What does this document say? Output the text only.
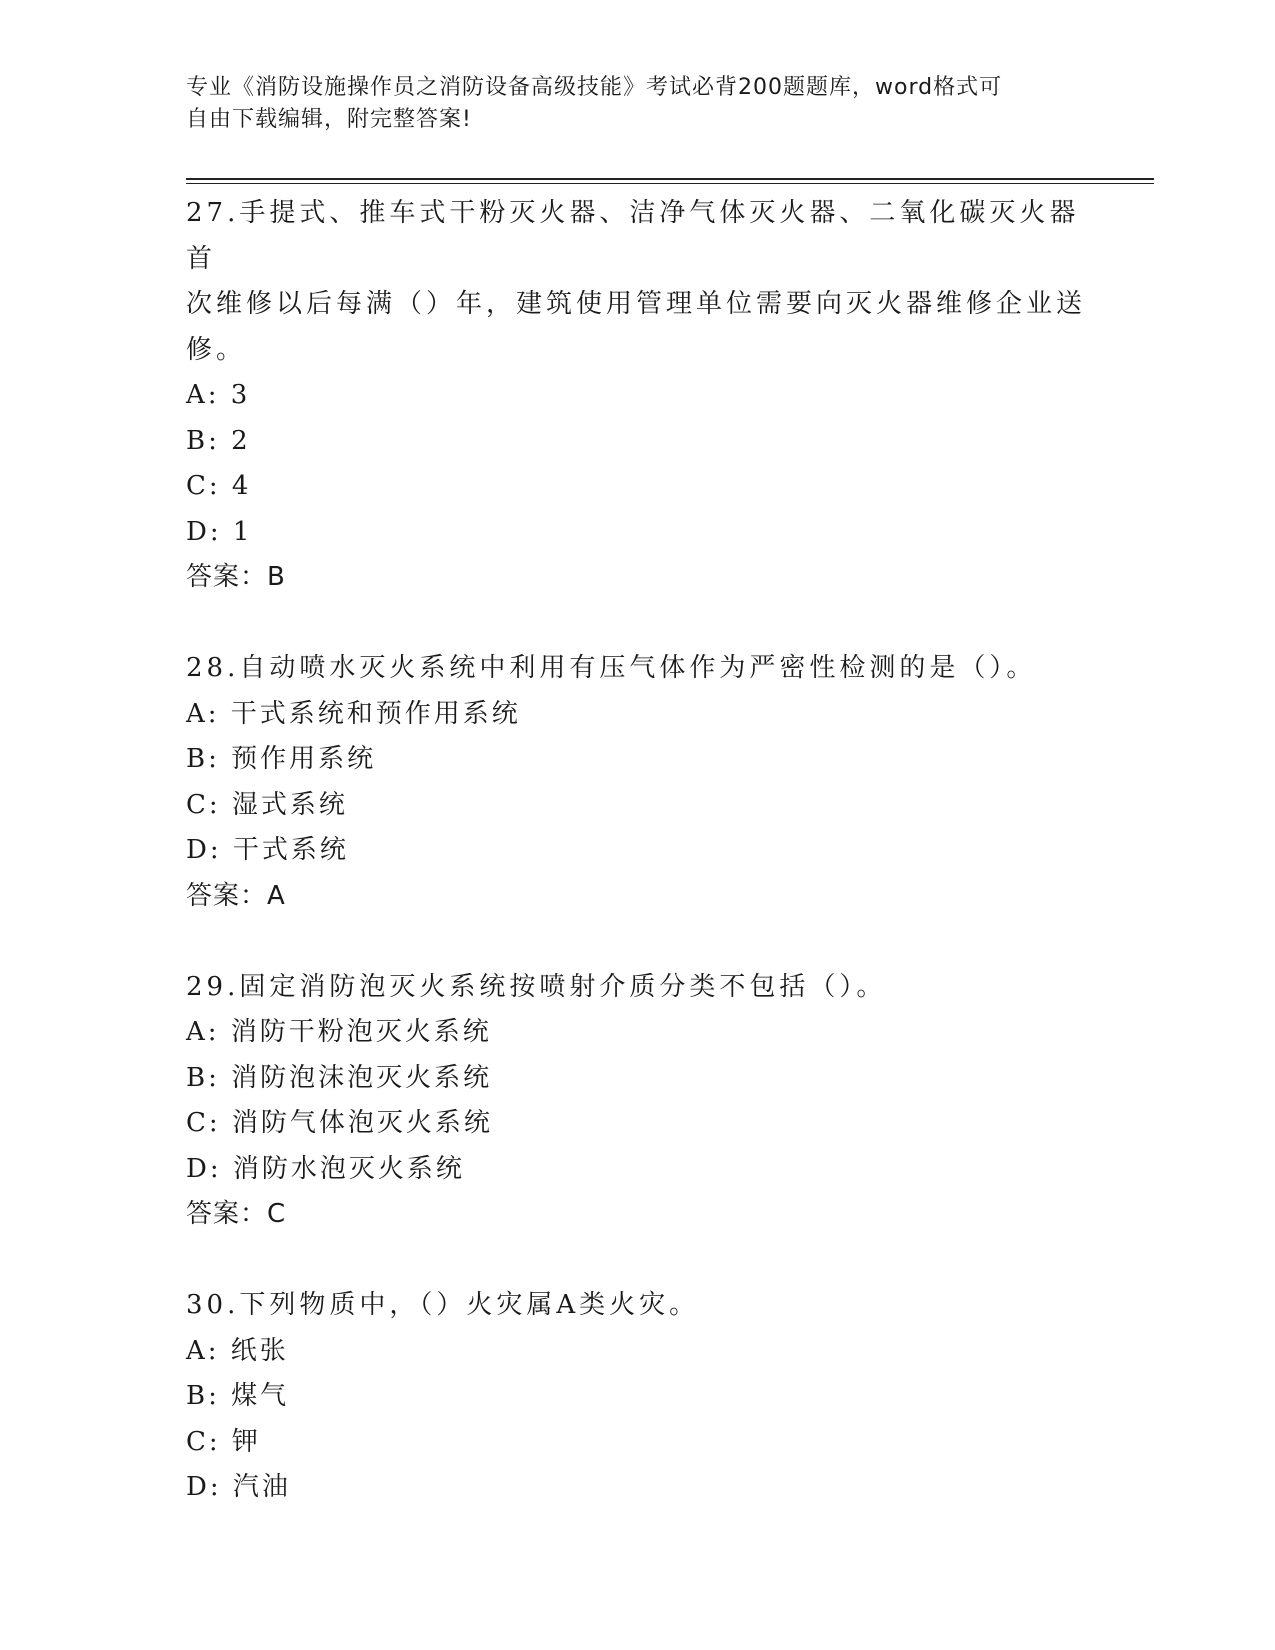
专业《消防设施操作员之消防设备高级技能》考试必背200题题库，word格式可
自由下载编辑，附完整答案!

27.手提式、推车式干粉灭火器、洁净气体灭火器、二氧化碳灭火器首

次维修以后每满（）年，建筑使用管理单位需要向灭火器维修企业送

修。

A: 3

B: 2

C: 4

D: 1

答案：B

28.自动喷水灭火系统中利用有压气体作为严密性检测的是（）。

A: 干式系统和预作用系统

B: 预作用系统

C: 湿式系统

D: 干式系统

答案：A

29.固定消防泡灭火系统按喷射介质分类不包括（）。

A: 消防干粉泡灭火系统

B: 消防泡沫泡灭火系统

C: 消防气体泡灭火系统

D: 消防水泡灭火系统

答案：C

30.下列物质中，（）火灾属A类火灾。

A: 纸张

B: 煤气

C: 钾

D: 汽油
